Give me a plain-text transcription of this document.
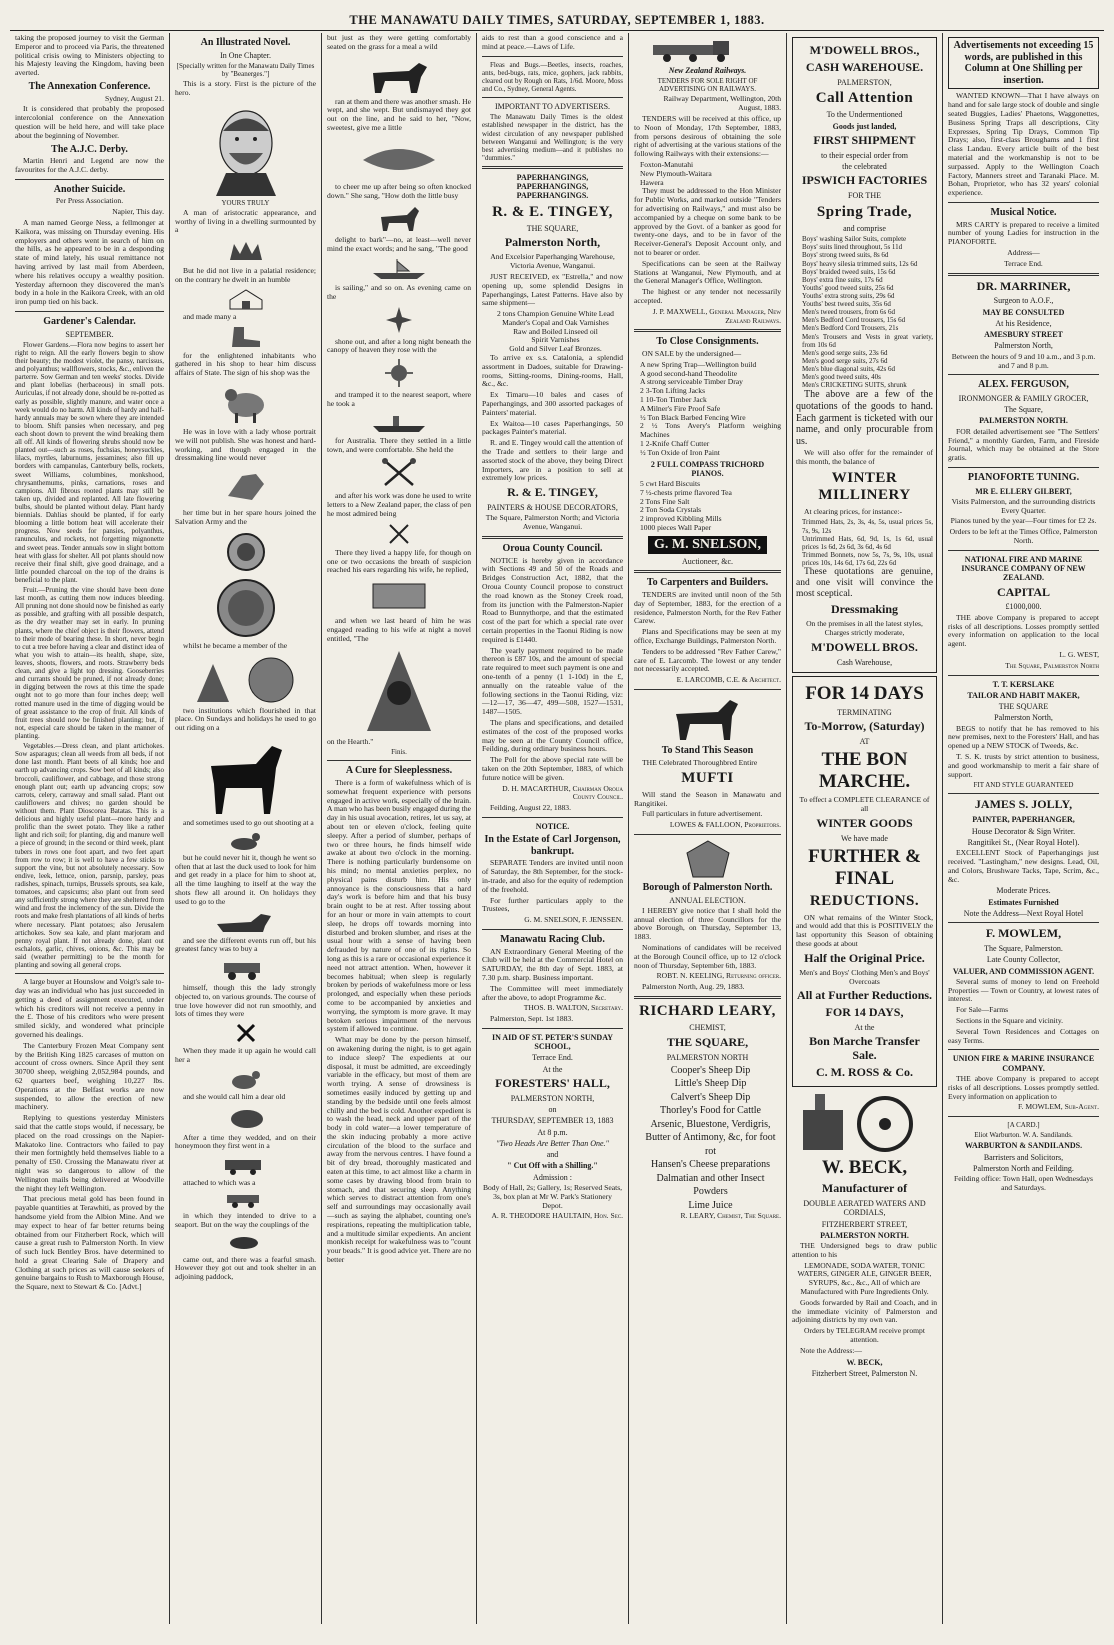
THE MANAWATU DAILY TIMES, SATURDAY, SEPTEMBER 1, 1883.

taking the proposed journey to visit the German Emperor and to proceed via Paris, the threatened political crisis owing to Ministers objecting to his Majesty leaving the Kingdom, having been averted.

The Annexation Conference.

Sydney, August 21.

It is considered that probably the proposed intercolonial conference on the Annexation question will be held here, and will take place about the beginning of November.

The A.J.C. Derby.

Martin Henri and Legend are now the favourites for the A.J.C. derby.

Another Suicide.

Per Press Association.

Napier, This day.

A man named George Ness, a fellmonger at Kaikora, was missing on Thursday evening. His employers and others went in search of him on the hills, as he appeared to be in a desponding state of mind lately, his usual remittance not having arrived by last mail from Aberdeen, where his relatives occupy a wealthy position. Yesterday afternoon they discovered the man's body in a hole in the Kaikora Creek, with an old iron pump tied on his back.

Gardener's Calendar.
SEPTEMBER.

Flower Gardens.—Flora now begins to assert her right to reign. All the early flowers begin to show their beauty; the modest violet, the pansy, narcissus, and polyanthus; wallflowers, stocks, &c., enliven the parterre. Sow German and ten weeks' stocks. Divide and plant lobelias (herbaceous) in small pots. Auriculas, if not already done, should be re-potted as early as possible, slightly manure, and water once a week would do no harm. All kinds of hardy and half-hardy annuals may be sown where they are intended to bloom. Shift pansies when necessary, and peg each shoot down to prevent the wind breaking them all off. All kinds of flowering shrubs should now be planted out—such as roses, fuchsias, honeysuckles, lilacs, myrtles, laburnums, jessamines; also fill up borders with campanulas, Canterbury bells, rockets, sweet Williams, columbines, monkshood, chrysanthemums, pinks, carnations, roses and campions. All fibrous rooted plants may still be taken up, divided and replanted. All late flowering bulbs, should be planted without delay. Plant hardy biennials. Dahlias should be planted, if for early blooming a little bottom heat will accelerate their progress. Now seeds for pansies, polyanthus, ranunculus, and rockets, not forgetting mignonette and sweet peas. Tender annuals sow in slight bottom heat with glass for shelter. All pot plants should now receive their final shift, give good drainage, and a little pounded charcoal on the top of the drains is beneficial to the plant.

Fruit.—Pruning the vine should have been done last month, as cutting them now induces bleeding. All pruning not done should now be finished as early as possible, and grafting with all possible despatch, as the dry weather may set in early. In pruning plants, where the chief object is their flowers, attend to their mode of bearing these. In short, never begin to cut a tree before having a clear and distinct idea of what you wish to attain—its health, shape, size, leaves, shoots, flowers, and roots. Strawberry beds clean, and give a light top dressing. Gooseberries and currants should be pruned, if not already done; in digging between the rows at this time the spade ought not to go more than four inches deep; well rotted manure used in the time of digging would be of great assistance to the crop of fruit. All kinds of fruit trees should now be finished planting; but, if not, especial care should be taken in the manner of planting.

Vegetables.—Dress clean, and plant artichokes. Sow asparagus; clean all weeds from all beds, if not done last month. Plant beets of all kinds; hoe and earth up advancing crops. Sow beet of all kinds; also broccoli, cauliflower, and cabbage, and those strong enough plant out; earth up advancing crops; sow carrots, celery, carraway and small salad. Plant out cauliflowers and chives; no garden should be without them. Plant Dioscorea Batatas. This is a delicious and highly useful plant—more hardy and prolific than the sweet potato. They like a rather light and rich soil; for planting, dig and manure well a piece of ground; in the second or third week, plant tubers in rows one foot apart, and two feet apart from row to row; it is well to have a few sticks to support the vine, but not absolutely necessary. Sow endive, leek, lettuce, onion, parsnip, parsley, peas radishes, spinach, turnips, Brussels sprouts, sea kale, tomatoes, and capsicums; also plant out from seed any sufficiently strong where they are sheltered from wind and frost the inclemency of the sun. Divide the roots and make fresh plantations of all kinds of herbs where necessary. Plant potatoes; also Jerusalem artichokes. Sow sea kale, and plant marjoram and penny royal plant. If not already done, plant out eschalots, garlic, chives, onions, &c. This may be said (weather permitting) to be the month for planting and sowing all general crops.

A large buyer at Hounslow and Voigt's sale to-day was an individual who has just succeeded in getting a deed of assignment executed, under which his creditors will not receive a penny in the £. Those of his creditors who were present smiled sickly, and wondered what principle governed his dealings.

The Canterbury Frozen Meat Company sent by the British King 1825 carcases of mutton on account of cross owners. Since April they sent 30700 sheep, weighing 2,052,984 pounds, and 62 quarters beef, weighing 10,227 lbs. Operations at the Belfast works are now suspended, to allow the erection of new machinery.

Replying to questions yesterday Ministers said that the cattle stops would, if necessary, be placed on the road crossings on the Napier-Makatoko line. Contractors who failed to pay their men fortnightly held themselves liable to a penalty of £50. Crossing the Manawatu river at night was so dangerous to allow of the Wellington mails being delivered at Woodville the night they left Wellington.

That precious metal gold has been found in payable quantities at Terawhiti, as proved by the handsome yield from the Albion Mine. And we may expect to hear of far better returns being obtained from our Fitzherbert Rock, which will cause a great rush to Palmerston North. In view of such luck Bentley Bros. have determined to hold a great Clearing Sale of Drapery and Clothing at such prices as will cause seekers of genuine bargains to Rush to Maxborough House, the Square, next to Stewart & Co. [Advt.]

An Illustrated Novel.
In One Chapter.

[Specially written for the Manawatu Daily Times by "Beanerges."]

This is a story. First is the picture of the hero.

YOURS TRULY

A man of aristocratic appearance, and worthy of living in a dwelling surmounted by a

But he did not live in a palatial residence; on the contrary he dwelt in an humble

and made many a

for the enlightened inhabitants who gathered in his shop to hear him discuss affairs of State. The sign of his shop was the

He was in love with a lady whose portrait we will not publish. She was honest and hard-working, and though engaged in the dressmaking line would never

her time but in her spare hours joined the Salvation Army and the

whilst he became a member of the

two institutions which flourished in that place. On Sundays and holidays he used to go out riding on a

and sometimes used to go out shooting at a

but he could never hit it, though he went so often that at last the duck used to look for him and get ready in a place for him to shoot at, all the time laughing to itself at the way the shots flew all around it. On holidays they used to go to the

and see the different events run off, but his greatest fancy was to buy a

himself, though this the lady strongly objected to, on various grounds. The course of true love however did not run smoothly, and lots of times they were

When they made it up again he would call her a

and she would call him a dear old

After a time they wedded, and on their honeymoon they first went in a

attached to which was a

in which they intended to drive to a seaport. But on the way the couplings of the

came out, and there was a fearful smash. However they got out and took shelter in an adjoining paddock,

but just as they were getting comfortably seated on the grass for a meal a wild

ran at them and there was another smash. He wept, and she wept. But undismayed they got out on the line, and he said to her, "Now, sweetest, give me a little

to cheer me up after being so often knocked down." She sang, "How doth the little busy

delight to bark"—no, at least—well never mind the exact words; and he sang, "The good

is sailing," and so on. As evening came on the

shone out, and after a long night beneath the canopy of heaven they rose with the

and tramped it to the nearest seaport, where he took a

for Australia. There they settled in a little town, and were comfortable. She held the

and after his work was done he used to write letters to a New Zealand paper, the class of pen he most admired being

There they lived a happy life, for though on one or two occasions the breath of suspicion reached his ears regarding his wife, he replied,

and when we last heard of him he was engaged reading to his wife at night a novel entitled, "The

on the Hearth."

Finis.

A Cure for Sleeplessness.

There is a form of wakefulness which of is somewhat frequent experience with persons engaged in active work, especially of the brain. A man who has been busily engaged during the day in his usual avocation, retires, let us say, at about ten or eleven o'clock, feeling quite sleepy. After a period of slumber, perhaps of two or three hours, he finds himself wide awake at about two o'clock in the morning. There is nothing particularly burdensome on his mind; no mental anxieties perplex, no physical pains disturb him. His only annoyance is the consciousness that a hard day's work is before him and that his busy brain ought to be at rest. After tossing about for an hour or more in vain attempts to court sleep, he drops off towards morning into disturbed and broken slumber, and rises at the usual hour with a sense of having been defrauded by nature of one of its rights. So long as this is a rare or occasional experience it need not attract attention. When, however it becomes habitual; when sleep is regularly broken by periods of wakefulness more or less prolonged, and especially when these periods come to be accompanied by anxieties and worrying, the symptom is more grave. It may betoken serious impairment of the nervous system if allowed to continue.

What may be done by the person himself, on awakening during the night, is to get again to induce sleep? The expedients at our disposal, it must be admitted, are exceedingly variable in the efficacy, but most of them are worth trying. A sense of drowsiness is sometimes easily induced by getting up and standing by the bedside until one feels almost chilly and the bed is cold. Another expedient is to wash the head, neck and upper part of the body in cold water—a lower temperature of the skin inducing probably a more active circulation of the blood to the surface and away from the nervous centres. I have found a bit of dry bread, thoroughly masticated and eaten at this time, to act almost like a charm in some cases by drawing blood from brain to stomach, and that securing sleep. Anything which serves to distract attention from one's self and surroundings may occasionally avail—such as saying the alphabet, counting one's respirations, repeating the multiplication table, and a multitude similar expedients. An ancient monkish receipt for wakefulness was to "count your beads." It is good advice yet. There are no better

aids to rest than a good conscience and a mind at peace.—Laws of Life.

Fleas and Bugs.—Beetles, insects, roaches, ants, bed-bugs, rats, mice, gophers, jack rabbits, cleared out by Rough on Rats, 1/6d. Moore, Moss and Co., Sydney, General Agents.

IMPORTANT TO ADVERTISERS.

The Manawatu Daily Times is the oldest established newspaper in the district, has the widest circulation of any newspaper published between Wanganui and Wellington; is the very best advertising medium—and it publishes no "dummies."

PAPERHANGINGS, PAPERHANGINGS, PAPERHANGINGS.
R. & E. TINGEY,
THE SQUARE,
Palmerston North,

And Excelsior Paperhanging Warehouse, Victoria Avenue, Wanganui.

JUST RECEIVED, ex "Estrella," and now opening up, some splendid Designs in Paperhangings, Latest Patterns. Have also by same shipment—

2 tons Champion Genuine White Lead
Mander's Copal and Oak Varnishes
Raw and Boiled Linseed oil
Spirit Varnishes
Gold and Silver Leaf Bronzes.

To arrive ex s.s. Catalonia, a splendid assortment in Dadoes, suitable for Drawing-rooms, Sitting-rooms, Dining-rooms, Hall, &c., &c.

Ex Timaru—10 bales and cases of Paperhangings, and 300 assorted packages of Painters' material.

Ex Waitoa—10 cases Paperhangings, 50 packages Painter's material.

R. and E. Tingey would call the attention of the Trade and settlers to their large and assorted stock of the above, they being Direct Importers, are in a position to sell at extremely low prices.

R. & E. TINGEY,
PAINTERS & HOUSE DECORATORS,

The Square, Palmerston North; and Victoria Avenue, Wanganui.

Oroua County Council.

NOTICE is hereby given in accordance with Sections 49 and 50 of the Roads and Bridges Construction Act, 1882, that the Oroua County Council propose to construct the road known as the Stoney Creek road, from its junction with the Palmerston-Napier Road to Bunnythorpe, and that the estimated cost of the part for which a special rate over certain properties in the Taonui Riding is now required is £1440.

The yearly payment required to be made thereon is £87 10s, and the amount of special rate required to meet such payment is one and one-tenth of a penny (1 1-10d) in the £, annually on the rateable value of the following sections in the Taonui Riding, viz:—12—17, 36—47, 499—508, 1527—1531, 1487—1505.

The plans and specifications, and detailed estimates of the cost of the proposed works may be seen at the County Council office, Feilding, during ordinary business hours.

The Poll for the above special rate will be taken on the 20th September, 1883, of which future notice will be given.

D. H. MACARTHUR, Chairman Oroua County Council.

Feilding, August 22, 1883.

NOTICE.
In the Estate of Carl Jorgenson, bankrupt.

SEPARATE Tenders are invited until noon of Saturday, the 8th September, for the stock-in-trade, and also for the equity of redemption of the freehold.

For further particulars apply to the Trustees,

G. M. SNELSON, F. JENSSEN.

Manawatu Racing Club.

AN Extraordinary General Meeting of the Club will be held at the Commercial Hotel on SATURDAY, the 8th day of Sept. 1883, at 7.30 p.m. sharp. Business important.

The Committee will meet immediately after the above, to adopt Programme &c.

THOS. B. WALTON, Secretary.

Palmerston, Sept. 1st 1883.

IN AID OF ST. PETER'S SUNDAY SCHOOL,
Terrace End.
At the
FORESTERS' HALL,
PALMERSTON NORTH,
on
THURSDAY, SEPTEMBER 13, 1883
At 8 p.m.
"Two Heads Are Better Than One."
and
" Cut Off with a Shilling."
Admission :

Body of Hall, 2s; Gallery, 1s; Reserved Seats, 3s, box plan at Mr W. Park's Stationery Depot.

A. R. THEODORE HAULTAIN, Hon. Sec.

New Zealand Railways.

TENDERS FOR SOLE RIGHT OF ADVERTISING ON RAILWAYS.

Railway Department, Wellington, 20th August, 1883.

TENDERS will be received at this office, up to Noon of Monday, 17th September, 1883, from persons desirous of obtaining the sole right of advertising at the various stations of the following Railways with their extensions:—

Foxton-Manutahi
New Plymouth-Waitara
Hawera

They must be addressed to the Hon Minister for Public Works, and marked outside "Tenders for advertising on Railways," and must also be accompanied by a cheque on some bank to be approved by the Govt. of a banker as good for twenty-one days, and to be in favor of the Receiver-General's Deposit Account only, and not to bearer or order.

Specifications can be seen at the Railway Stations at Wanganui, New Plymouth, and at the General Manager's Office, Wellington.

The highest or any tender not necessarily accepted.

J. P. MAXWELL, General Manager, New Zealand Railways.

To Close Consignments.

ON SALE by the undersigned—

A new Spring Trap—Wellington build
A good second-hand Theodolite
A strong serviceable Timber Dray
2 3-Ton Lifting Jacks
1 10-Ton Timber Jack
A Milner's Fire Proof Safe
½ Ton Black Barbed Fencing Wire
2 ½ Tons Avery's Platform weighing Machines
1 2-Knife Chaff Cutter
½ Ton Oxide of Iron Paint
2 FULL COMPASS TRICHORD PIANOS.
5 cwt Hard Biscuits
7 ½-chests prime flavored Tea
2 Tons Fine Salt
2 Ton Soda Crystals
2 improved Kibbling Mills
1000 pieces Wall Paper
G. M. SNELSON,
Auctioneer, &c.
To Carpenters and Builders.

TENDERS are invited until noon of the 5th day of September, 1883, for the erection of a residence, Palmerston North, for the Rev Father Carew.

Plans and Specifications may be seen at my office, Exchange Buildings, Palmerston North.

Tenders to be addressed "Rev Father Carew," care of E. Larcomb. The lowest or any tender not necessarily accepted.

E. LARCOMB, C.E. & Architect.

To Stand This Season

THE Celebrated Thoroughbred Entire

MUFTI

Will stand the Season in Manawatu and Rangitikei.

Full particulars in future advertisement.

LOWES & FALLOON, Proprietors.

Borough of Palmerston North.
ANNUAL ELECTION.

I HEREBY give notice that I shall hold the annual election of three Councillors for the above Borough, on Thursday, September 13, 1883.

Nominations of candidates will be received at the Borough Council office, up to 12 o'clock noon of Thursday, September 6th, 1883.

ROBT. N. KEELING, Returning officer.

Palmerston North, Aug. 29, 1883.

RICHARD LEARY,
CHEMIST,
THE SQUARE,
PALMERSTON NORTH
Cooper's Sheep Dip
Little's Sheep Dip
Calvert's Sheep Dip
Thorley's Food for Cattle
Arsenic, Bluestone, Verdigris, Butter of Antimony, &c, for foot rot
Hansen's Cheese preparations
Dalmatian and other Insect Powders
Lime Juice

R. LEARY, Chemist, The Square.

M'DOWELL BROS.,
CASH WAREHOUSE.
PALMERSTON,
Call Attention
To the Undermentioned
Goods just landed,
FIRST SHIPMENT
to their especial order from
the celebrated
IPSWICH FACTORIES
FOR THE
Spring Trade,
and comprise
Boys' washing Sailor Suits, complete
Boys' suits lined throughout, 5s 11d
Boys' strong tweed suits, 8s 6d
Boys' heavy silesia trimmed suits, 12s 6d
Boys' braided tweed suits, 15s 6d
Boys' extra fine suits, 17s 6d
Youths' good tweed suits, 25s 6d
Youths' extra strong suits, 29s 6d
Youths' best tweed suits, 35s 6d
Men's tweed trousers, from 6s 6d
Men's Bedford Cord trousers, 15s 6d
Men's Bedford Cord Trousers, 21s
Men's Trousers and Vests in great variety, from 10s 6d
Men's good serge suits, 23s 6d
Men's good serge suits, 27s 6d
Men's blue diagonal suits, 42s 6d
Men's good tweed suits, 40s
Men's CRICKETING SUITS, shrunk

The above are a few of the quotations of the goods to hand. Each garment is ticketed with our name, and only procurable from us.

We will also offer for the remainder of this month, the balance of

WINTER MILLINERY

At clearing prices, for instance:-

Trimmed Hats, 2s, 3s, 4s, 5s, usual prices 5s, 7s, 9s, 12s
Untrimmed Hats, 6d, 9d, 1s, 1s 6d, usual prices 1s 6d, 2s 6d, 3s 6d, 4s 6d
Trimmed Bonnets, now 5s, 7s, 9s, 10s, usual prices 10s, 14s 6d, 17s 6d, 22s 6d

These quotations are genuine, and one visit will convince the most sceptical.

Dressmaking

On the premises in all the latest styles, Charges strictly moderate,

M'DOWELL BROS.
Cash Warehouse,
FOR 14 DAYS
TERMINATING
To-Morrow, (Saturday)
AT
THE BON MARCHE.

To effect a COMPLETE CLEARANCE of all

WINTER GOODS
We have made
FURTHER & FINAL
REDUCTIONS.

ON what remains of the Winter Stock, and would add that this is POSITIVELY the last opportunity this Season of obtaining these goods at about

Half the Original Price.

Men's and Boys' Clothing Men's and Boys' Overcoats

All at Further Reductions.
FOR 14 DAYS,
At the
Bon Marche Transfer Sale.
C. M. ROSS & Co.
W. BECK,
Manufacturer of
DOUBLE AERATED WATERS AND CORDIALS,
FITZHERBERT STREET,
PALMERSTON NORTH.

THE Undersigned begs to draw public attention to his

LEMONADE, SODA WATER, TONIC WATERS, GINGER ALE, GINGER BEER, SYRUPS, &c., &c., All of which are Manufactured with Pure Ingredients Only.

Goods forwarded by Rail and Coach, and in the immediate vicinity of Palmerston and adjoining districts by my own van.

Orders by TELEGRAM receive prompt attention.

Note the Address:—

W. BECK,
Fitzherbert Street, Palmerston N.
Advertisements not exceeding 15 words, are published in this Column at One Shilling per insertion.

WANTED KNOWN—That I have always on hand and for sale large stock of double and single seated Buggies, Ladies' Phaetons, Waggonettes, Business Spring Traps all descriptions, City Expresses, Spring Tip Drays, Common Tip Drays; also, first-class Broughams and 1 first class Landau. Every article built of the best material and the workmanship is not to be surpassed. Apply to the Wellington Coach Factory, Manners street and Taranaki Place. M. Bohan, Proprietor, who has 32 years' colonial experience.

Musical Notice.

MRS CARTY is prepared to receive a limited number of young Ladies for instruction in the PIANOFORTE.

Address—

Terrace End.

DR. MARRINER,
Surgeon to A.O.F.,
MAY BE CONSULTED
At his Residence,
AMESBURY STREET
Palmerston North,

Between the hours of 9 and 10 a.m., and 3 p.m. and 7 and 8 p.m.

ALEX. FERGUSON,
IRONMONGER & FAMILY GROCER,
The Square,
PALMERSTON NORTH.

FOR detailed advertisement see "The Settlers' Friend," a monthly Garden, Farm, and Fireside Journal, which may be obtained at the Store gratis.

PIANOFORTE TUNING.
MR E. ELLERY GILBERT,

Visits Palmerston, and the surrounding districts Every Quarter.

Pianos tuned by the year—Four times for £2 2s.

Orders to be left at the Times Office, Palmerston North.

NATIONAL FIRE AND MARINE INSURANCE COMPANY OF NEW ZEALAND.
CAPITAL
£1000,000.

THE above Company is prepared to accept risks of all descriptions. Losses promptly settled every information on application to the local agent.

L. G. WEST,

The Square, Palmerston North

T. T. KERSLAKE
TAILOR AND HABIT MAKER,
THE SQUARE
Palmerston North,

BEGS to notify that he has removed to his new premises, next to the Foresters' Hall, and has opened up a NEW STOCK of Tweeds, &c.

T. S. K. trusts by strict attention to business, and good workmanship to merit a fair share of support.

FIT AND STYLE GUARANTEED
JAMES S. JOLLY,
PAINTER, PAPERHANGER,
House Decorator & Sign Writer.
Rangitikei St., (Near Royal Hotel).

EXCELLENT Stock of Paperhangings just received. "Lastingham," new designs. Lead, Oil, and Colors, Brushware Tacks, Tape, Scrim, &c., &c.

Moderate Prices.
Estimates Furnished
Note the Address—Next Royal Hotel
F. MOWLEM,
The Square, Palmerston.
Late County Collector,
VALUER, AND COMMISSION AGENT.

Several sums of money to lend on Freehold Properties — Town or Country, at lowest rates of interest.

For Sale—Farms

Sections in the Square and vicinity.

Several Town Residences and Cottages on easy Terms.

UNION FIRE & MARINE INSURANCE COMPANY.

THE above Company is prepared to accept risks of all descriptions. Losses promptly settled. Every information on application to

F. MOWLEM, Sub-Agent.

[A CARD.]
Eliot Warburton. W. A. Sandilands.
WARBURTON & SANDILANDS.
Barristers and Solicitors,
Palmerston North and Feilding.

Feilding office: Town Hall, open Wednesdays and Saturdays.
